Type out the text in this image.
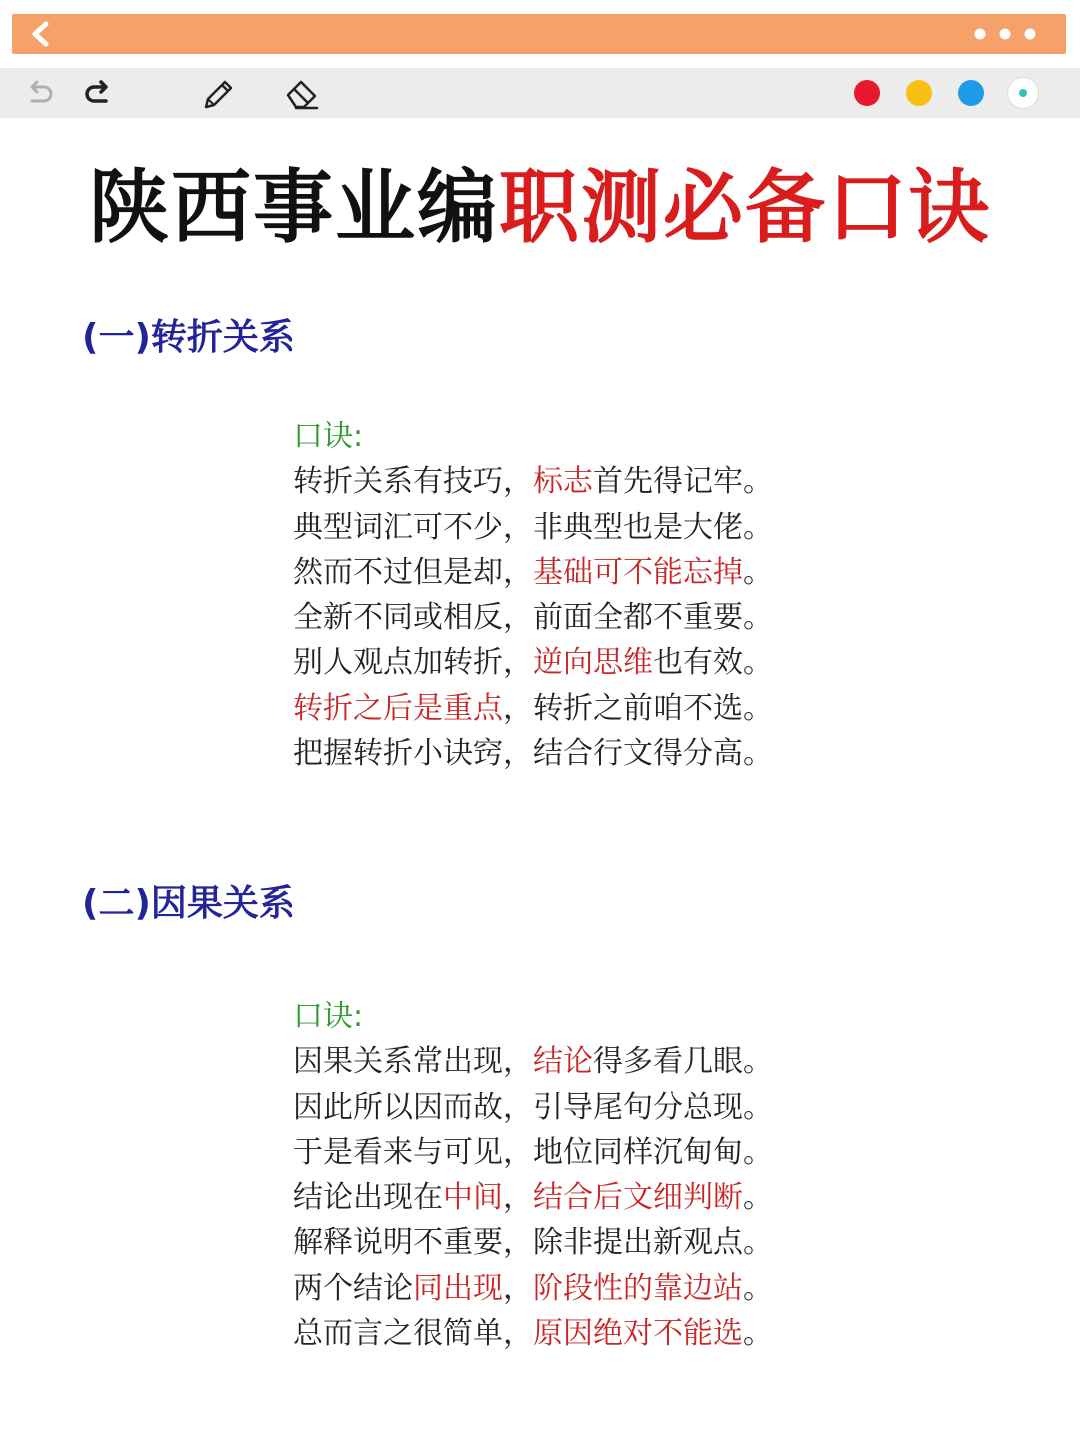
陕西事业编职测必备口诀
(一)转折关系
口诀:
转折关系有技巧，标志首先得记牢。
典型词汇可不少，非典型也是大佬。
然而不过但是却，基础可不能忘掉。
全新不同或相反，前面全都不重要。
别人观点加转折，逆向思维也有效。
转折之后是重点，转折之前咱不选。
把握转折小诀窍，结合行文得分高。
(二)因果关系
口诀:
因果关系常出现，结论得多看几眼。
因此所以因而故，引导尾句分总现。
于是看来与可见，地位同样沉甸甸。
结论出现在中间，结合后文细判断。
解释说明不重要，除非提出新观点。
两个结论同出现，阶段性的靠边站。
总而言之很简单，原因绝对不能选。
